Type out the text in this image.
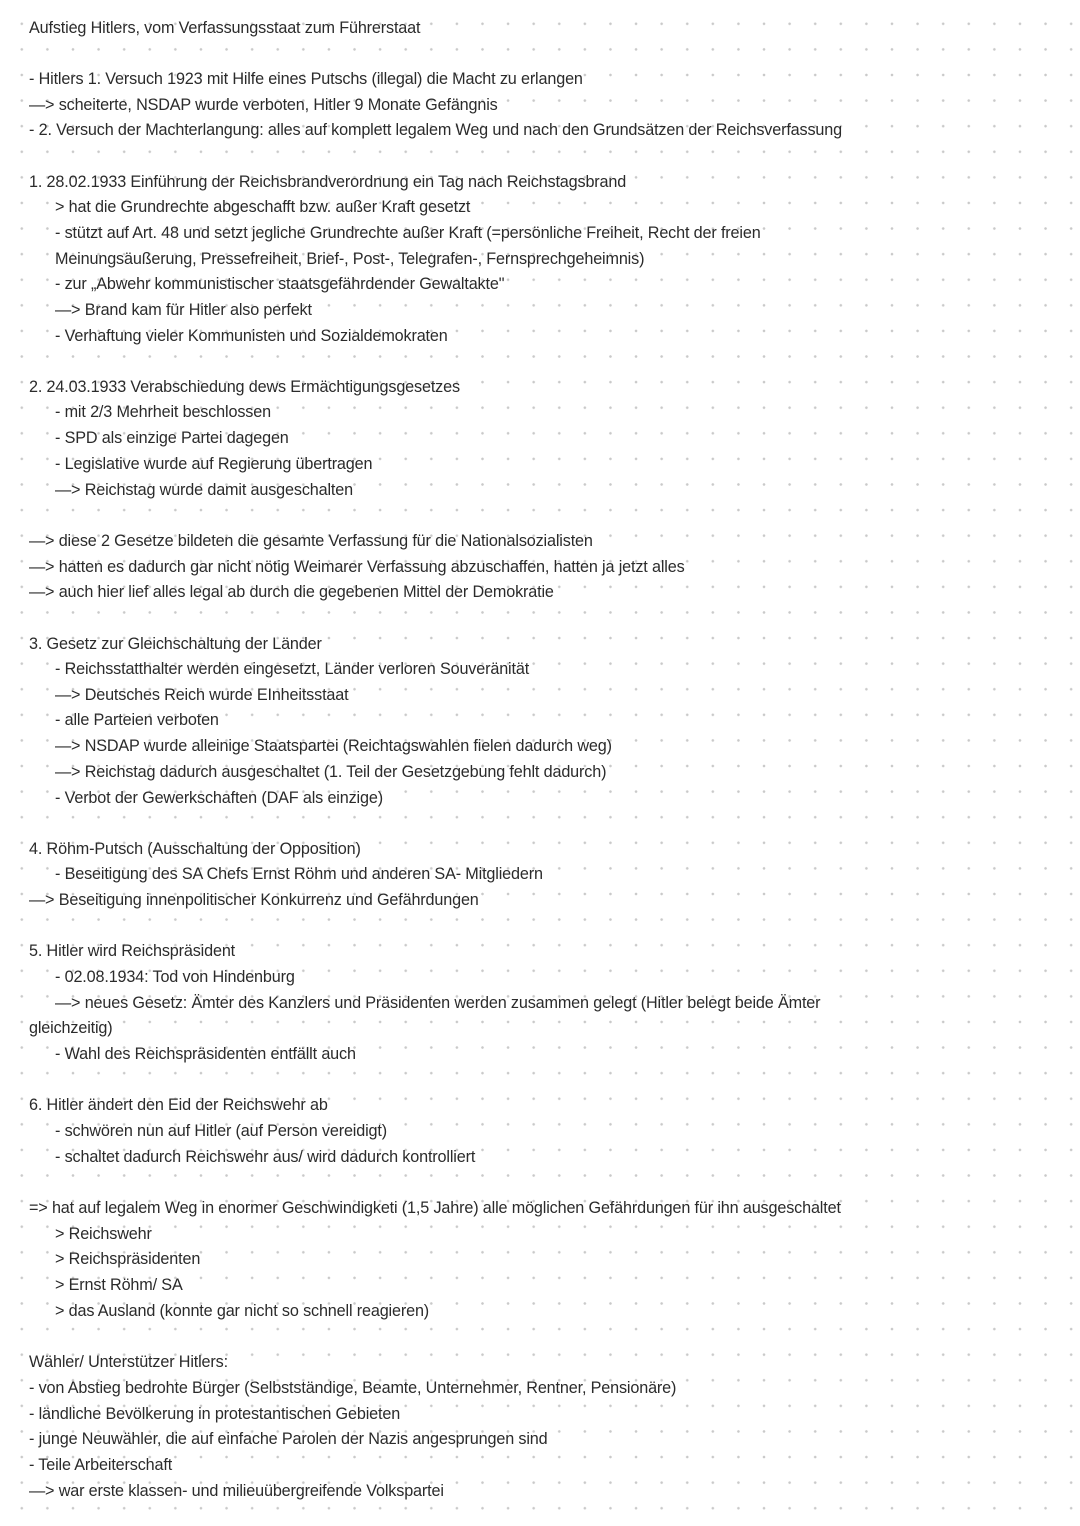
Aufstieg Hitlers, vom Verfassungsstaat zum Führerstaat

- Hitlers 1. Versuch 1923 mit Hilfe eines Putschs (illegal) die Macht zu erlangen

—> scheiterte, NSDAP wurde verboten, Hitler 9 Monate Gefängnis

- 2. Versuch der Machterlangung: alles auf komplett legalem Weg und nach den Grundsätzen der Reichsverfassung

1. 28.02.1933 Einführung der Reichsbrandverordnung ein Tag nach Reichstagsbrand

> hat die Grundrechte abgeschafft bzw. außer Kraft gesetzt

- stützt auf Art. 48 und setzt jegliche Grundrechte außer Kraft (=persönliche Freiheit, Recht der freien

Meinungsäußerung, Pressefreiheit, Brief-, Post-, Telegrafen-, Fernsprechgeheimnis)

- zur „Abwehr kommunistischer staatsgefährdender Gewaltakte"

—> Brand kam für Hitler also perfekt

- Verhaftung vieler Kommunisten und Sozialdemokraten

2. 24.03.1933 Verabschiedung dews Ermächtigungsgesetzes

- mit 2/3 Mehrheit beschlossen

- SPD als einzige Partei dagegen

- Legislative wurde auf Regierung übertragen

—> Reichstag wurde damit ausgeschalten

—> diese 2 Gesetze bildeten die gesamte Verfassung für die Nationalsozialisten

—> hatten es dadurch gar nicht nötig Weimarer Verfassung abzuschaffen, hatten ja jetzt alles

—> auch hier lief alles legal ab durch die gegebenen Mittel der Demokratie

3. Gesetz zur Gleichschaltung der Länder

- Reichsstatthalter werden eingesetzt, Länder verloren Souveränität

—> Deutsches Reich wurde EInheitsstaat

- alle Parteien verboten

—> NSDAP wurde alleinige Staatspartei (Reichtagswahlen fielen dadurch weg)

—> Reichstag dadurch ausgeschaltet (1. Teil der Gesetzgebung fehlt dadurch)

- Verbot der Gewerkschaften (DAF als einzige)

4. Röhm-Putsch (Ausschaltung der Opposition)

- Beseitigung des SA Chefs Ernst Röhm und anderen SA- Mitgliedern

—> Beseitigung innenpolitischer Konkurrenz und Gefährdungen

5. Hitler wird Reichspräsident

- 02.08.1934: Tod von Hindenburg

—> neues Gesetz: Ämter des Kanzlers und Präsidenten werden zusammen gelegt (Hitler belegt beide Ämter

gleichzeitig)

- Wahl des Reichspräsidenten entfällt auch

6. Hitler ändert den Eid der Reichswehr ab

- schwören nun auf Hitler (auf Person vereidigt)

- schaltet dadurch Reichswehr aus/ wird dadurch kontrolliert

=> hat auf legalem Weg in enormer Geschwindigketi (1,5 Jahre) alle möglichen Gefährdungen für ihn ausgeschaltet

> Reichswehr

> Reichspräsidenten

> Ernst Röhm/ SA

> das Ausland (konnte gar nicht so schnell reagieren)

Wähler/ Unterstützer Hitlers:

- von Abstieg bedrohte Bürger (Selbstständige, Beamte, Unternehmer, Rentner, Pensionäre)

- ländliche Bevölkerung in protestantischen Gebieten

- junge Neuwähler, die auf einfache Parolen der Nazis angesprungen sind

- Teile Arbeiterschaft

—> war erste klassen- und milieuübergreifende Volkspartei
